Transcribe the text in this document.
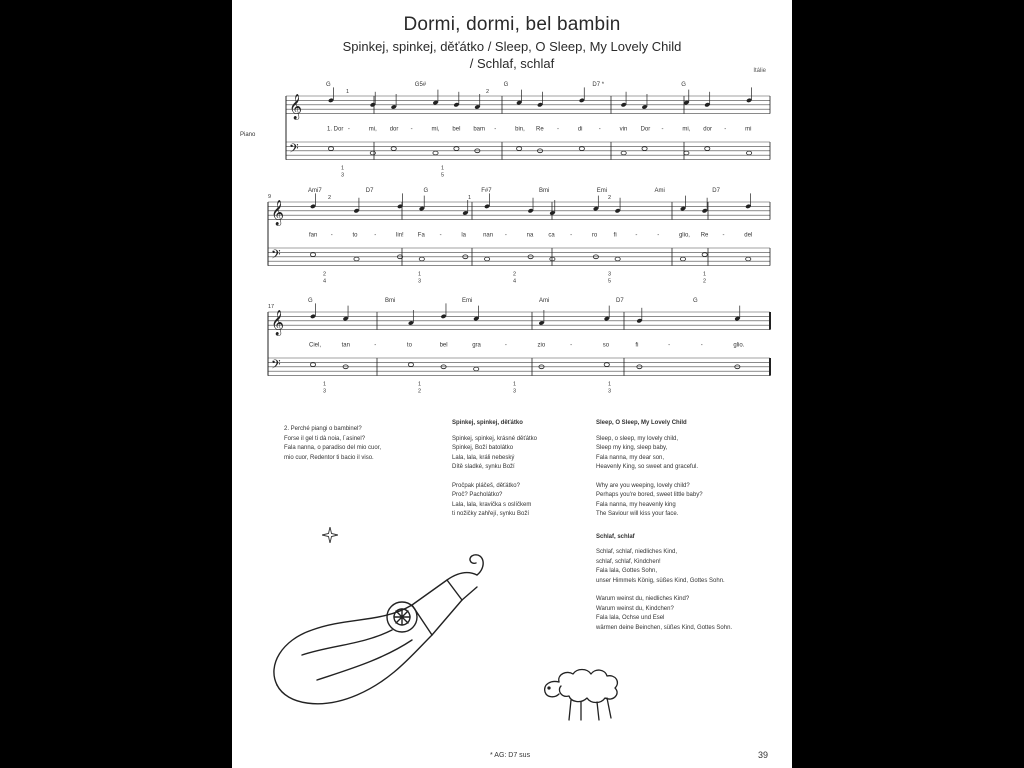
Dormi, dormi, bel bambin
Spinkej, spinkej, děťátko / Sleep, O Sleep, My Lovely Child
/ Schlaf, schlaf	Itálie
𝄞
𝄢
G	G5#	G	D7 *	G
1	2
1. Dor -	mi, dor -	mi, bel bam -	bin, Re -	di	-	vin Dor -	mi, dor -	mi
1
3
1
5
𝄞
𝄢
Ami7	D7	G	F#7	Bmi	Emi	Ami	D7
2	1	2
fan -	to	-	lin! Fa -	la	nan -	na	ca	-	ro	fi	-	-	glio, Re -	del
2
4
1
3
2
4
3
5
1
2
𝄞
𝄢
G	Bmi	Emi	Ami	D7	G
Ciel,	tan	-	to	bel	gra	-	zio	-	so	fi	-	-	glio.
1
3
1
2
1
3
1
3
Piano
9
17
2. Perché piangi o bambinel?
Forse il gel ti dà noia, l´asinel?
Fala nanna, o paradiso del mio cuor,
mio cuor, Redentor ti bacio il viso.
Spinkej, spinkej, děťátko
Spinkej, spinkej, krásné děťátko
Spinkej, Boží batolátko
Lala, lala, králi nebeský
Dítě sladké, synku Boží
Pročpak pláčeš, děťátko?
Proč? Pacholátko?
Lala, lala, kravička s oslíčkem
ti nožičky zahřejí, synku Boží
Sleep, O Sleep, My Lovely Child
Sleep, o sleep, my lovely child,
Sleep my king, sleep baby,
Fala nanna, my dear son,
Heavenly King, so sweet and graceful.
Why are you weeping, lovely child?
Perhaps you're bored, sweet little baby?
Fala nanna, my heavenly king
The Saviour will kiss your face.
Schlaf, schlaf
Schlaf, schlaf, niedliches Kind,
schlaf, schlaf, Kindchen!
Fala lala, Gottes Sohn,
unser Himmels König, süßes Kind, Gottes Sohn.
Warum weinst du, niedliches Kind?
Warum weinst du, Kindchen?
Fala lala, Ochse und Esel
wärmen deine Beinchen, süßes Kind, Gottes Sohn.
* AG: D7 sus	39
